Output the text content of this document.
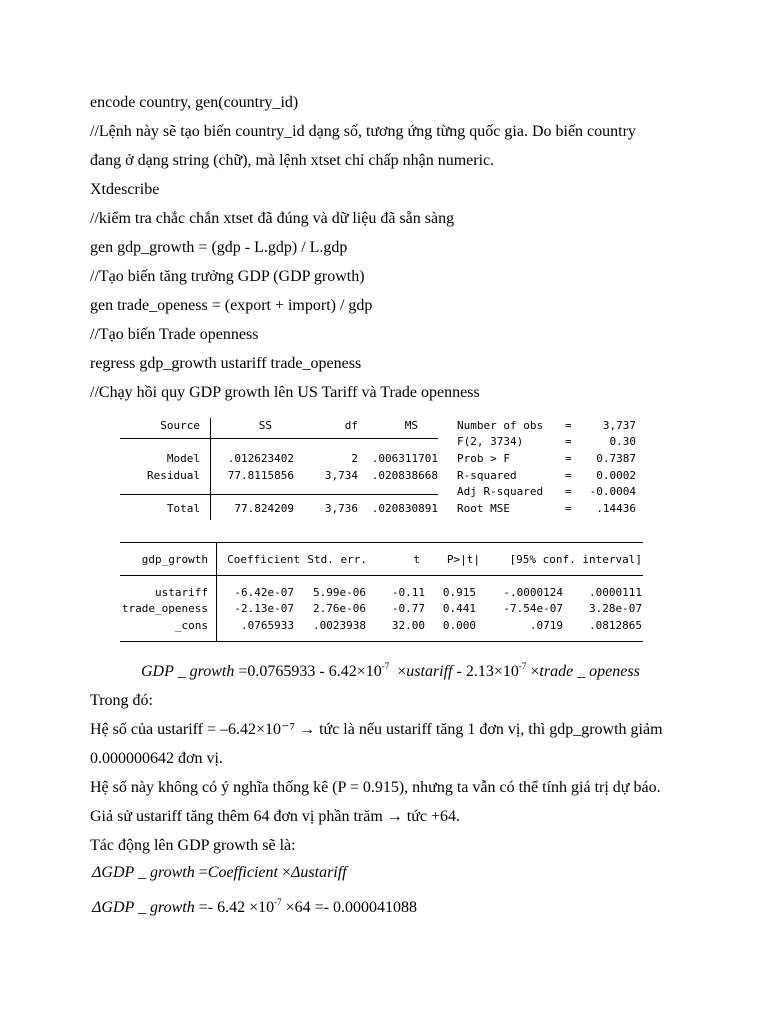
encode country, gen(country_id)
//Lệnh này sẽ tạo biến country_id dạng số, tương ứng từng quốc gia. Do biến country
đang ở dạng string (chữ), mà lệnh xtset chỉ chấp nhận numeric.
Xtdescribe
//kiểm tra chắc chắn xtset đã đúng và dữ liệu đã sẵn sàng
gen gdp_growth = (gdp - L.gdp) / L.gdp
//Tạo biến tăng trưởng GDP (GDP growth)
gen trade_openess = (export + import) / gdp
//Tạo biến Trade openness
regress gdp_growth ustariff trade_openess
//Chạy hồi quy GDP growth lên US Tariff và Trade openness
Source	SS	df	MS
Model	.012623402	2	.006311701
Residual	77.8115856	3,734	.020838668
Total	77.824209	3,736	.020830891
Number of obs =	3,737
F(2, 3734)	=	0.30
Prob > F	=	0.7387
R-squared	=	0.0002
Adj R-squared =	-0.0004
Root MSE	=	.14436
gdp_growth	Coefficient Std. err.	t	P>|t|	[95% conf. interval]
ustariff	-6.42e-07	5.99e-06	-0.11	0.915	-.0000124	.0000111
trade_openess	-2.13e-07	2.76e-06	-0.77	0.441	-7.54e-07	3.28e-07
_cons	.0765933	.0023938	32.00	0.000	.0719	.0812865
GDP _ growth $=0.0765933 - 6.42\times 10^{-7}$ ×ustariff - $2.13\times 10^{-7}$ ×trade _ openess
Trong đó:
Hệ số của ustariff = –6.42×10⁻⁷ → tức là nếu ustariff tăng 1 đơn vị, thì gdp_growth giảm
0.000000642 đơn vị.
Hệ số này không có ý nghĩa thống kê (P = 0.915), nhưng ta vẫn có thể tính giá trị dự báo.
Giả sử ustariff tăng thêm 64 đơn vị phần trăm → tức +64.
Tác động lên GDP growth sẽ là:
ΔGDP _ growth =Coefficient ×Δustariff
ΔGDP _ growth =- $6.42 \times 10^{-7} \times 64 =- 0.000041088$
